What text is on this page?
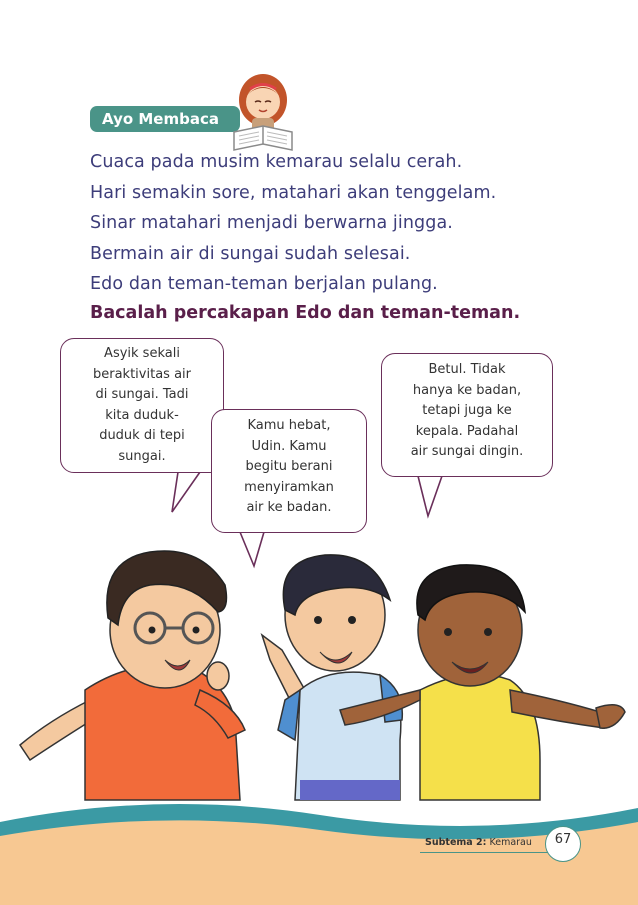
Ayo Membaca

Cuaca pada musim kemarau selalu cerah.

Hari semakin sore, matahari akan tenggelam.

Sinar matahari menjadi berwarna jingga.

Bermain air di sungai sudah selesai.

Edo dan teman-teman berjalan pulang.

Bacalah percakapan Edo dan teman-teman.
Asyik sekali
beraktivitas air
di sungai. Tadi
kita duduk-
duduk di tepi
sungai.
Kamu hebat,
Udin. Kamu
begitu berani
menyiramkan
air ke badan.
Betul. Tidak
hanya ke badan,
tetapi juga ke
kepala. Padahal
air sungai dingin.
Subtema 2: Kemarau	67
